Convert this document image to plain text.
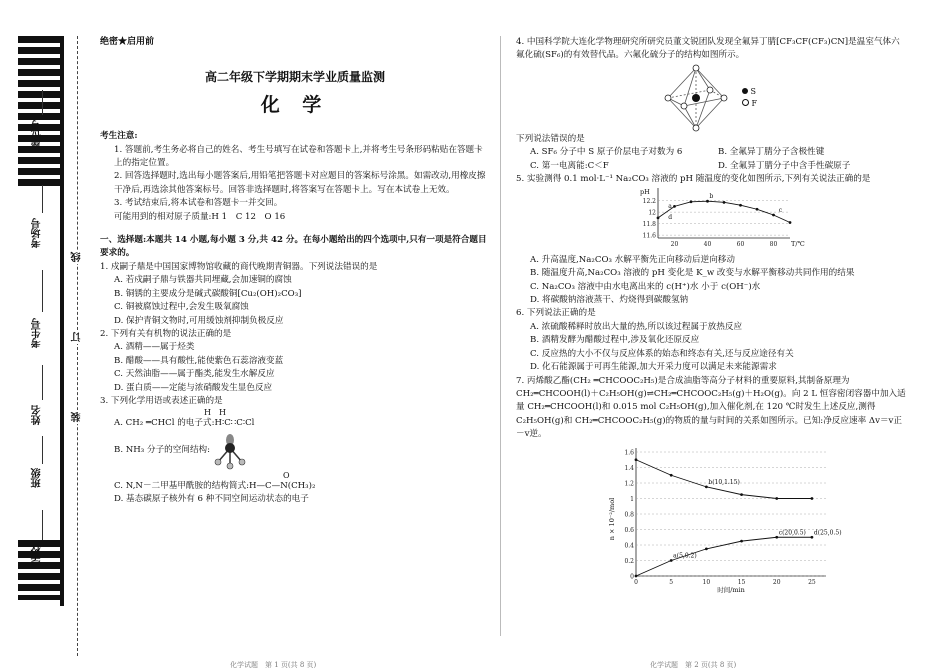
座位号
考场号
考生号
姓名
班级
学校
线
订
装
绝密★启用前
高二年级下学期期末学业质量监测
化 学
考生注意:
1. 答题前,考生务必将自己的姓名、考生号填写在试卷和答题卡上,并将考生号条形码粘贴在答题卡上的指定位置。
2. 回答选择题时,选出每小题答案后,用铅笔把答题卡对应题目的答案标号涂黑。如需改动,用橡皮擦干净后,再选涂其他答案标号。回答非选择题时,将答案写在答题卡上。写在本试卷上无效。
3. 考试结束后,将本试卷和答题卡一并交回。
可能用到的相对原子质量:H 1　C 12　O 16
一、选择题:本题共 14 小题,每小题 3 分,共 42 分。在每小题给出的四个选项中,只有一项是符合题目要求的。
1. 戍嗣子鼎是中国国家博物馆收藏的商代晚期青铜器。下列说法错误的是
A. 若戍嗣子鼎与铁器共同埋藏,会加速铜的腐蚀
B. 铜锈的主要成分是碱式碳酸铜[Cu₂(OH)₂CO₃]
C. 铜被腐蚀过程中,会发生吸氧腐蚀
D. 保护青铜文物时,可用缓蚀剂抑制负极反应
2. 下列有关有机物的说法正确的是
A. 酒精——属于烃类
B. 醋酸——具有酸性,能使紫色石蕊溶液变蓝
C. 天然油脂——属于酯类,能发生水解反应
D. 蛋白质——定能与浓硝酸发生显色反应
3. 下列化学用语或表述正确的是
H　H
A. CH₂ ═CHCl 的电子式:H∶C∷C∶Cl
B. NH₃ 分子的空间结构:
O
C. N,N－二甲基甲酰胺的结构简式:H—C—N(CH₃)₂
D. 基态碳原子核外有 6 种不同空间运动状态的电子
化学试题　第 1 页(共 8 页)
4. 中国科学院大连化学物理研究所研究员董文锐团队发现全氟异丁腈[CF₃CF(CF₃)CN]是温室气体六氟化硫(SF₆)的有效替代品。六氟化硫分子的结构如图所示。
S
F
下列说法错误的是
A. SF₆ 分子中 S 原子价层电子对数为 6	B. 全氟异丁腈分子含极性键
C. 第一电离能:C＜F	D. 全氟异丁腈分子中含手性碳原子
5. 实验测得 0.1 mol·L⁻¹ Na₂CO₃ 溶液的 pH 随温度的变化如图所示,下列有关说法正确的是
11.6
11.8
12
12.2
20	40	60	80
a
b
c
d
pH
T/℃
A. 升高温度,Na₂CO₃ 水解平衡先正向移动后逆向移动
B. 随温度升高,Na₂CO₃ 溶液的 pH 变化是 K_w 改变与水解平衡移动共同作用的结果
C. Na₂CO₃ 溶液中由水电离出来的 c(H⁺)水 小于 c(OH⁻)水
D. 将碳酸钠溶液蒸干、灼烧得到碳酸氢钠
6. 下列说法正确的是
A. 浓硫酸稀释时放出大量的热,所以该过程属于放热反应
B. 酒精发酵为醋酸过程中,涉及氧化还原反应
C. 反应热的大小不仅与反应体系的始态和终态有关,还与反应途径有关
D. 化石能源属于可再生能源,加大开采力度可以满足未来能源需求
7. 丙烯酸乙酯(CH₂ ═CHCOOC₂H₅)是合成油脂等高分子材料的重要原料,其制备原理为 CH₂═CHCOOH(l)＋C₂H₅OH(g)⇌CH₂═CHCOOC₂H₅(g)＋H₂O(g)。向 2 L 恒容密闭容器中加入适量 CH₂═CHCOOH(l)和 0.015 mol C₂H₅OH(g),加入催化剂,在 120 ℃时发生上述反应,测得 C₂H₅OH(g)和 CH₂═CHCOOC₂H₅(g)的物质的量与时间的关系如图所示。已知:净反应速率 Δv＝v正－v逆。
0
0.2
0.4
0.6
0.8
1
1.2
1.4
1.6
0	5	10	15	20	25
b(10,1.15)
a(5,0.2)
c(20,0.5) d(25,0.5)
时间/min
n × 10⁻²/mol
化学试题　第 2 页(共 8 页)
